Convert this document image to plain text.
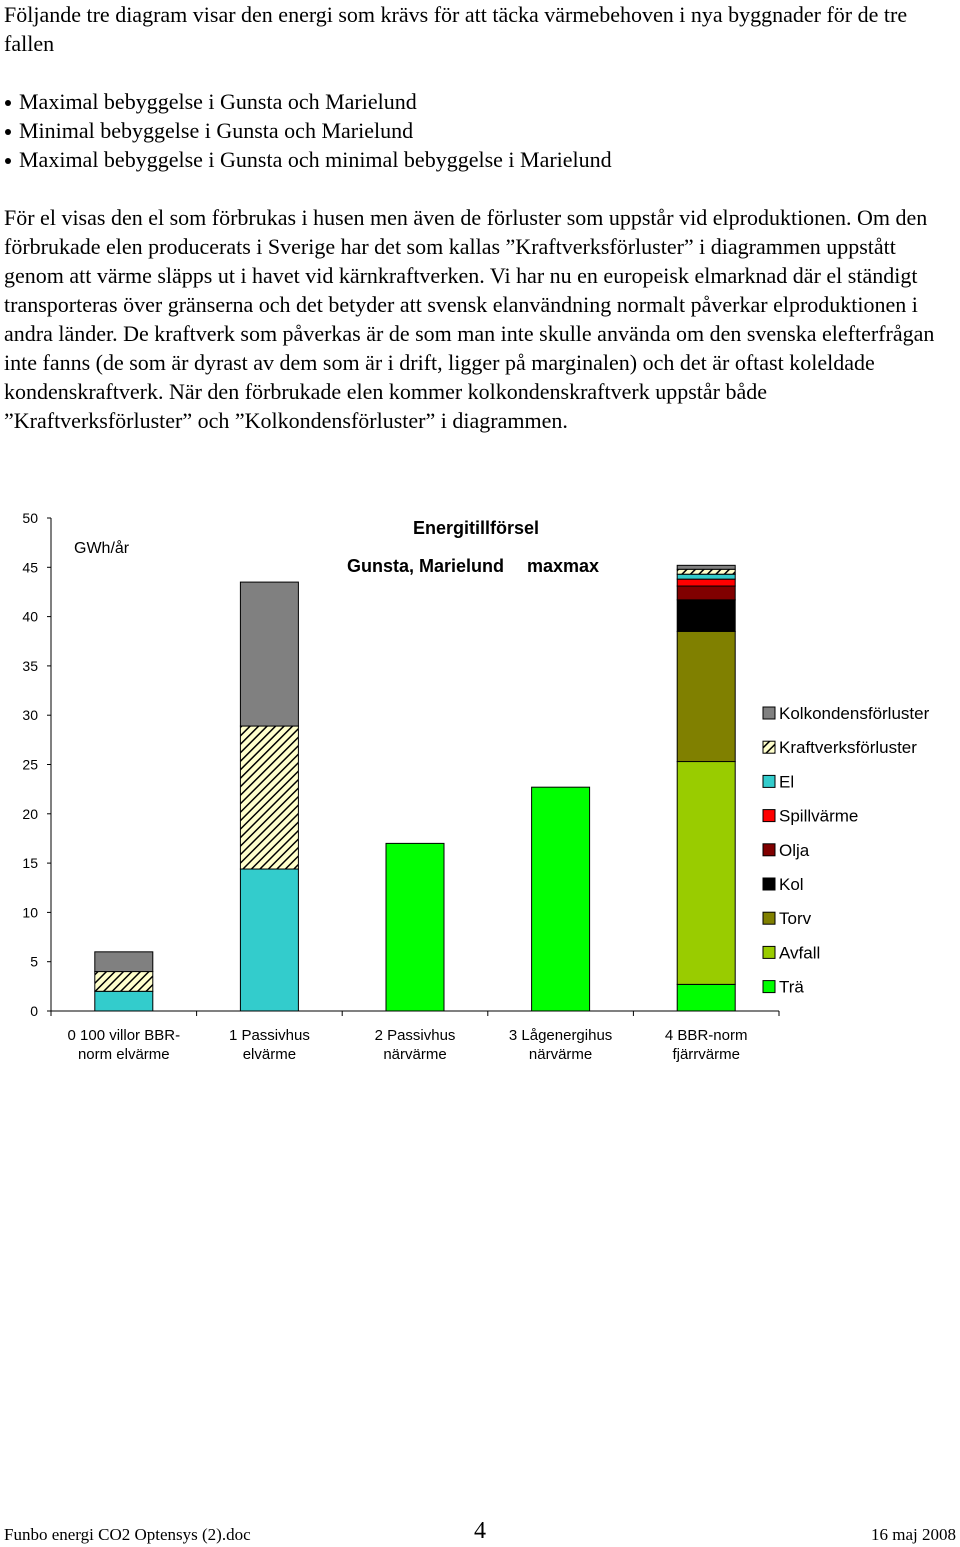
Följande tre diagram visar den energi som krävs för att täcka värmebehoven i nya byggnader för de tre fallen

Maximal bebyggelse i Gunsta och Marielund
Minimal bebyggelse i Gunsta och Marielund
Maximal bebyggelse i Gunsta och minimal bebyggelse i Marielund

För el visas den el som förbrukas i husen men även de förluster som uppstår vid elproduktionen. Om den förbrukade elen producerats i Sverige har det som kallas ”Kraftverksförluster” i diagrammen uppstått genom att värme släpps ut i havet vid kärnkraftverken. Vi har nu en europeisk elmarknad där el ständigt transporteras över gränserna och det betyder att svensk elanvändning normalt påverkar elproduktionen i andra länder. De kraftverk som påverkas är de som man inte skulle använda om den svenska elefterfrågan inte fanns (de som är dyrast av dem som är i drift, ligger på marginalen) och det är oftast koleldade kondenskraftverk. När den förbrukade elen kommer kolkondenskraftverk uppstår både ”Kraftverksförluster” och ”Kolkondensförluster” i diagrammen.

0
5
10
15
20
25
30
35
40
45
50
0 100 villor BBR-
norm elvärme
1 Passivhus
elvärme
2 Passivhus
närvärme
3 Lågenergihus
närvärme
4 BBR-norm
fjärrvärme
Kolkondensförluster
Kraftverksförluster
El
Spillvärme
Olja
Kol
Torv
Avfall
Trä
GWh/år
Energitillförsel
Gunsta, Marielund maxmax
Funbo energi CO2 Optensys (2).doc	4	16 maj 2008
